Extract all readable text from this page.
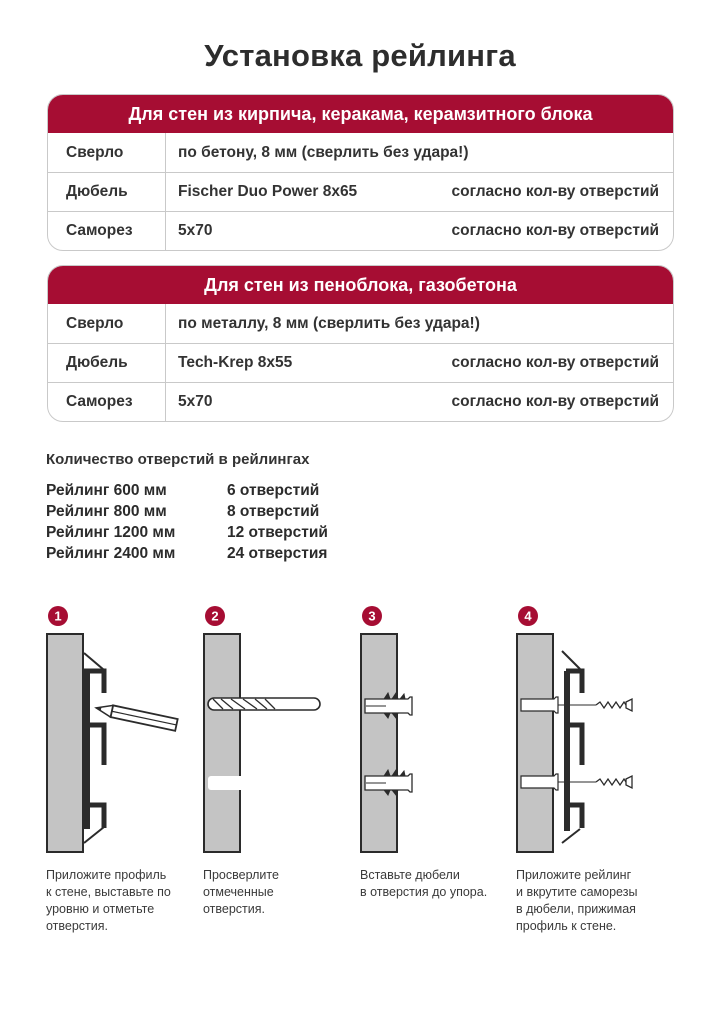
Установка рейлинга
Для стен из кирпича, керакама, керамзитного блока
Сверло	по бетону, 8 мм (сверлить без удара!)
Дюбель	Fischer Duo Power 8x65	согласно кол-ву отверстий
Саморез	5x70	согласно кол-ву отверстий
Для стен из пеноблока, газобетона
Сверло	по металлу, 8 мм (сверлить без удара!)
Дюбель	Tech-Krep 8x55	согласно кол-ву отверстий
Саморез	5x70	согласно кол-ву отверстий
Количество отверстий в рейлингах
Рейлинг 600 мм	6 отверстий
Рейлинг 800 мм	8 отверстий
Рейлинг 1200 мм	12 отверстий
Рейлинг 2400 мм	24 отверстия
1
Приложите профиль
к стене, выставьте по
уровню и отметьте
отверстия.
2
Просверлите
отмеченные
отверстия.
3
Вставьте дюбели
в отверстия до упора.
4
Приложите рейлинг
и вкрутите саморезы
в дюбели, прижимая
профиль к стене.
